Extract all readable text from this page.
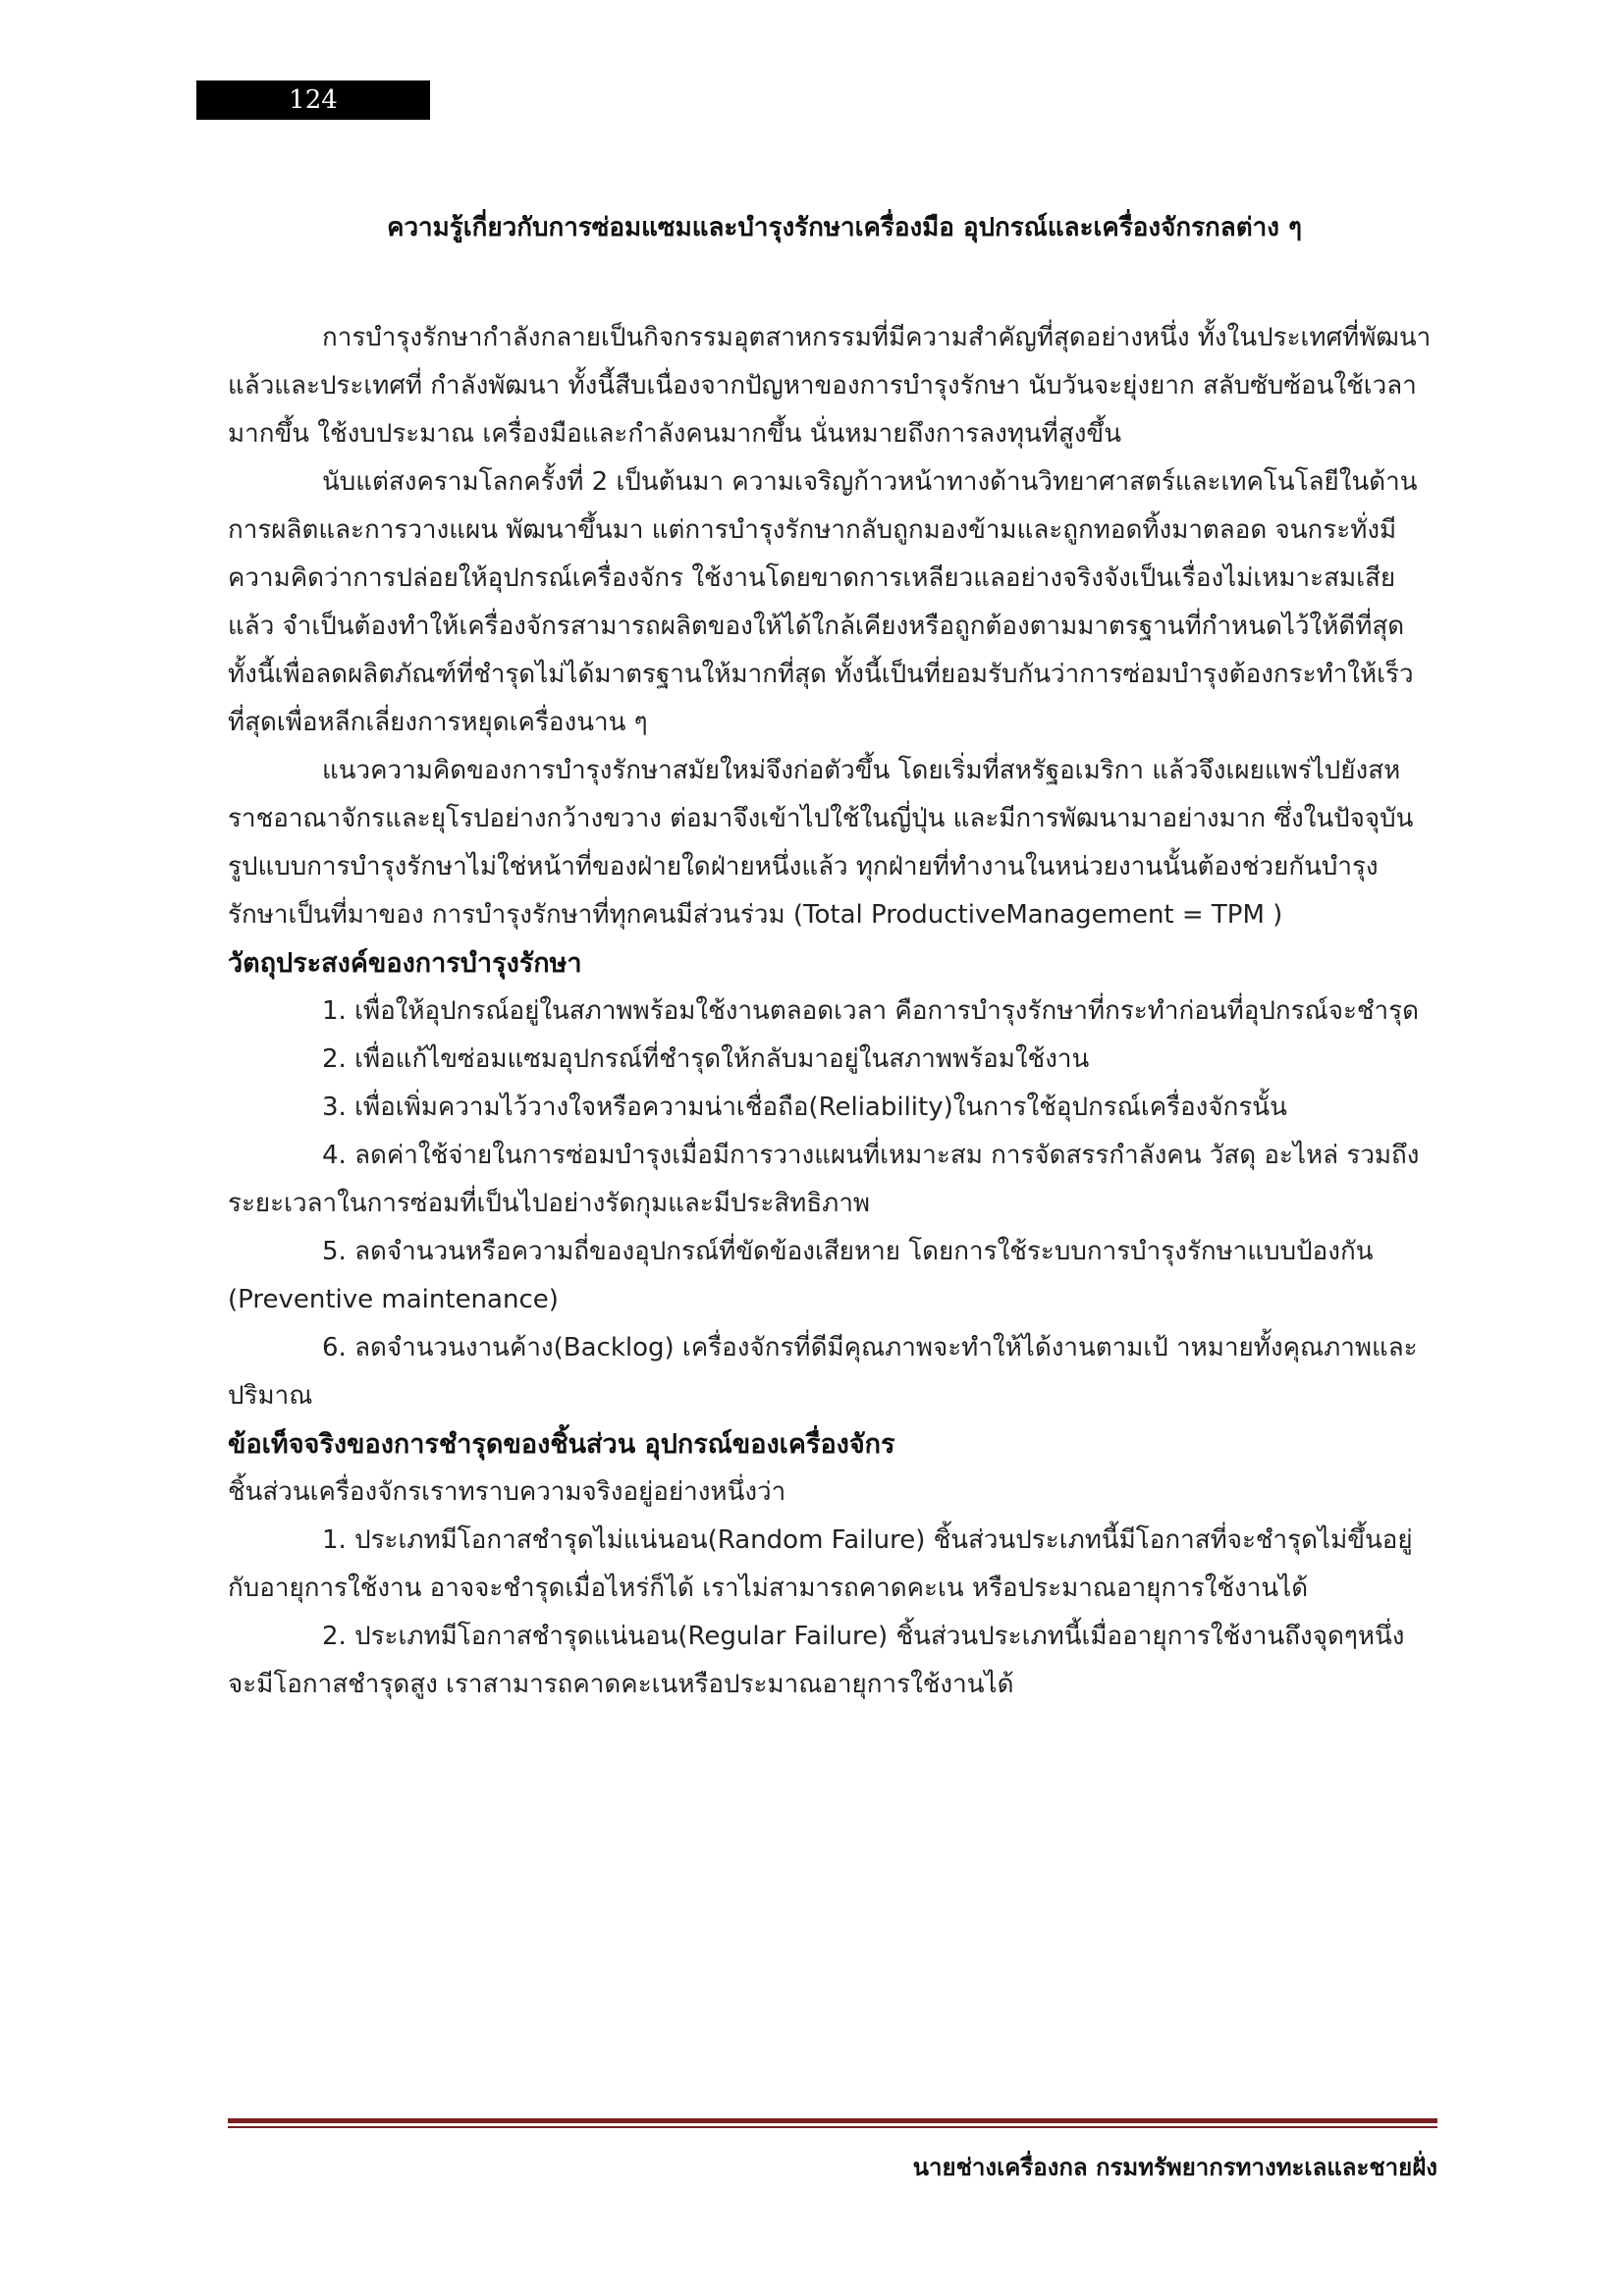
124
ความรู้เกี่ยวกับการซ่อมแซมและบำรุงรักษาเครื่องมือ อุปกรณ์และเครื่องจักรกลต่าง ๆ

การบำรุงรักษากำลังกลายเป็นกิจกรรมอุตสาหกรรมที่มีความสำคัญที่สุดอย่างหนึ่ง ทั้งในประเทศที่พัฒนาแล้วและประเทศที่ กำลังพัฒนา ทั้งนี้สืบเนื่องจากปัญหาของการบำรุงรักษา นับวันจะยุ่งยาก สลับซับซ้อนใช้เวลามากขึ้น ใช้งบประมาณ เครื่องมือและกำลังคนมากขึ้น นั่นหมายถึงการลงทุนที่สูงขึ้น

นับแต่สงครามโลกครั้งที่ 2 เป็นต้นมา ความเจริญก้าวหน้าทางด้านวิทยาศาสตร์และเทคโนโลยีในด้านการผลิตและการวางแผน พัฒนาขึ้นมา แต่การบำรุงรักษากลับถูกมองข้ามและถูกทอดทิ้งมาตลอด จนกระทั่งมีความคิดว่าการปล่อยให้อุปกรณ์เครื่องจักร ใช้งานโดยขาดการเหลียวแลอย่างจริงจังเป็นเรื่องไม่เหมาะสมเสียแล้ว จำเป็นต้องทำให้เครื่องจักรสามารถผลิตของให้ได้ใกล้เคียงหรือถูกต้องตามมาตรฐานที่กำหนดไว้ให้ดีที่สุด ทั้งนี้เพื่อลดผลิตภัณฑ์ที่ชำรุดไม่ได้มาตรฐานให้มากที่สุด ทั้งนี้เป็นที่ยอมรับกันว่าการซ่อมบำรุงต้องกระทำให้เร็วที่สุดเพื่อหลีกเลี่ยงการหยุดเครื่องนาน ๆ

แนวความคิดของการบำรุงรักษาสมัยใหม่จึงก่อตัวขึ้น โดยเริ่มที่สหรัฐอเมริกา แล้วจึงเผยแพร่ไปยังสหราชอาณาจักรและยุโรปอย่างกว้างขวาง ต่อมาจึงเข้าไปใช้ในญี่ปุ่น และมีการพัฒนามาอย่างมาก ซึ่งในปัจจุบันรูปแบบการบำรุงรักษาไม่ใช่หน้าที่ของฝ่ายใดฝ่ายหนึ่งแล้ว ทุกฝ่ายที่ทำงานในหน่วยงานนั้นต้องช่วยกันบำรุงรักษาเป็นที่มาของ การบำรุงรักษาที่ทุกคนมีส่วนร่วม (Total ProductiveManagement = TPM )

วัตถุประสงค์ของการบำรุงรักษา

1. เพื่อให้อุปกรณ์อยู่ในสภาพพร้อมใช้งานตลอดเวลา คือการบำรุงรักษาที่กระทำก่อนที่อุปกรณ์จะชำรุด

2. เพื่อแก้ไขซ่อมแซมอุปกรณ์ที่ชำรุดให้กลับมาอยู่ในสภาพพร้อมใช้งาน

3. เพื่อเพิ่มความไว้วางใจหรือความน่าเชื่อถือ(Reliability)ในการใช้อุปกรณ์เครื่องจักรนั้น

4. ลดค่าใช้จ่ายในการซ่อมบำรุงเมื่อมีการวางแผนที่เหมาะสม การจัดสรรกำลังคน วัสดุ อะไหล่ รวมถึงระยะเวลาในการซ่อมที่เป็นไปอย่างรัดกุมและมีประสิทธิภาพ

5. ลดจำนวนหรือความถี่ของอุปกรณ์ที่ขัดข้องเสียหาย โดยการใช้ระบบการบำรุงรักษาแบบป้องกัน (Preventive maintenance)

6. ลดจำนวนงานค้าง(Backlog) เครื่องจักรที่ดีมีคุณภาพจะทำให้ได้งานตามเป้ าหมายทั้งคุณภาพและปริมาณ

ข้อเท็จจริงของการชำรุดของชิ้นส่วน อุปกรณ์ของเครื่องจักร

ชิ้นส่วนเครื่องจักรเราทราบความจริงอยู่อย่างหนึ่งว่า

1. ประเภทมีโอกาสชำรุดไม่แน่นอน(Random Failure) ชิ้นส่วนประเภทนี้มีโอกาสที่จะชำรุดไม่ขึ้นอยู่กับอายุการใช้งาน อาจจะชำรุดเมื่อไหร่ก็ได้ เราไม่สามารถคาดคะเน หรือประมาณอายุการใช้งานได้

2. ประเภทมีโอกาสชำรุดแน่นอน(Regular Failure) ชิ้นส่วนประเภทนี้เมื่ออายุการใช้งานถึงจุดๆหนึ่ง จะมีโอกาสชำรุดสูง เราสามารถคาดคะเนหรือประมาณอายุการใช้งานได้

นายช่างเครื่องกล กรมทรัพยากรทางทะเลและชายฝั่ง
